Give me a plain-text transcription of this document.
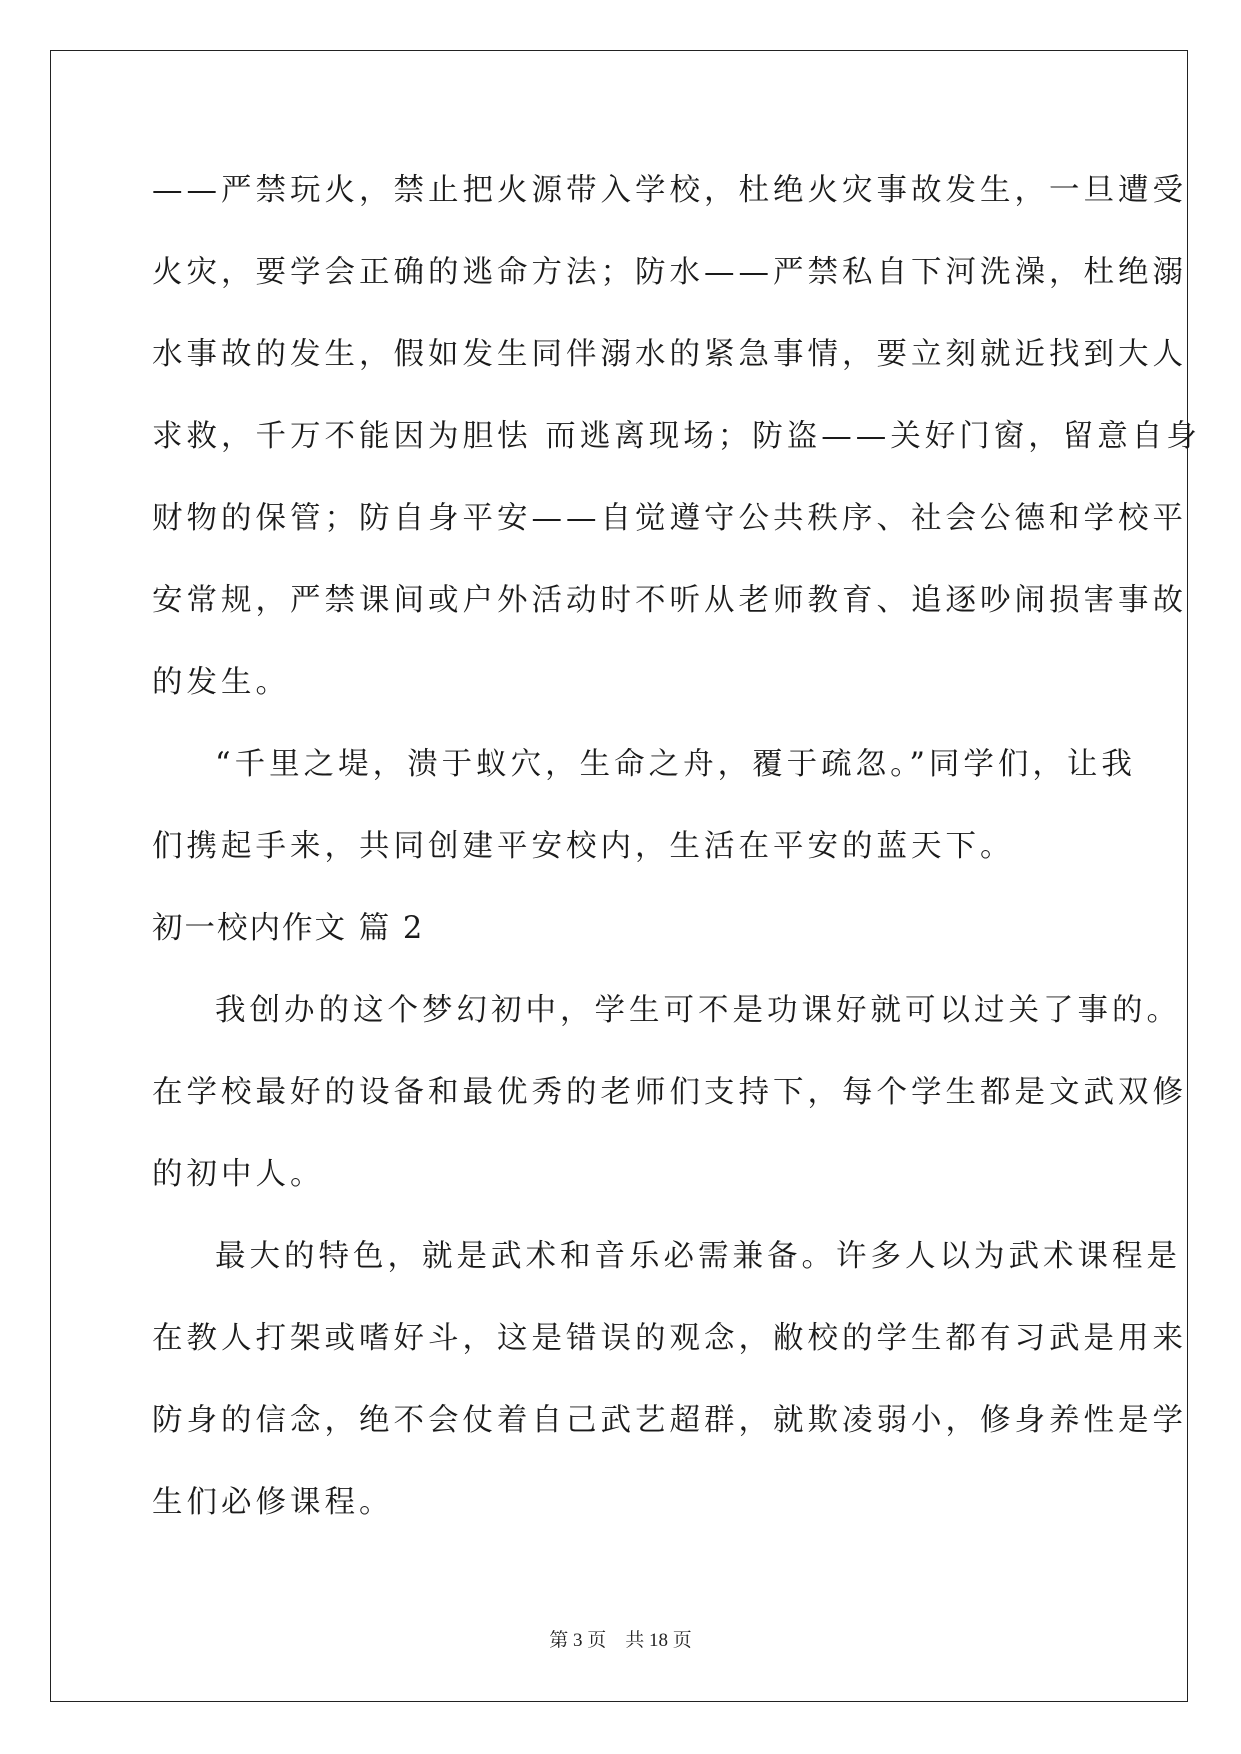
——严禁玩火，禁止把火源带入学校，杜绝火灾事故发生，一旦遭受
火灾，要学会正确的逃命方法；防水——严禁私自下河洗澡，杜绝溺
水事故的发生，假如发生同伴溺水的紧急事情，要立刻就近找到大人
求救，千万不能因为胆怯 而逃离现场；防盗——关好门窗，留意自身
财物的保管；防自身平安——自觉遵守公共秩序、社会公德和学校平
安常规，严禁课间或户外活动时不听从老师教育、追逐吵闹损害事故
的发生。
“千里之堤，溃于蚁穴，生命之舟，覆于疏忽。”同学们，让我
们携起手来，共同创建平安校内，生活在平安的蓝天下。
初一校内作文 篇 2
我创办的这个梦幻初中，学生可不是功课好就可以过关了事的。
在学校最好的设备和最优秀的老师们支持下，每个学生都是文武双修
的初中人。
最大的特色，就是武术和音乐必需兼备。许多人以为武术课程是
在教人打架或嗜好斗，这是错误的观念，敝校的学生都有习武是用来
防身的信念，绝不会仗着自己武艺超群，就欺凌弱小，修身养性是学
生们必修课程。
第 3 页    共 18 页
